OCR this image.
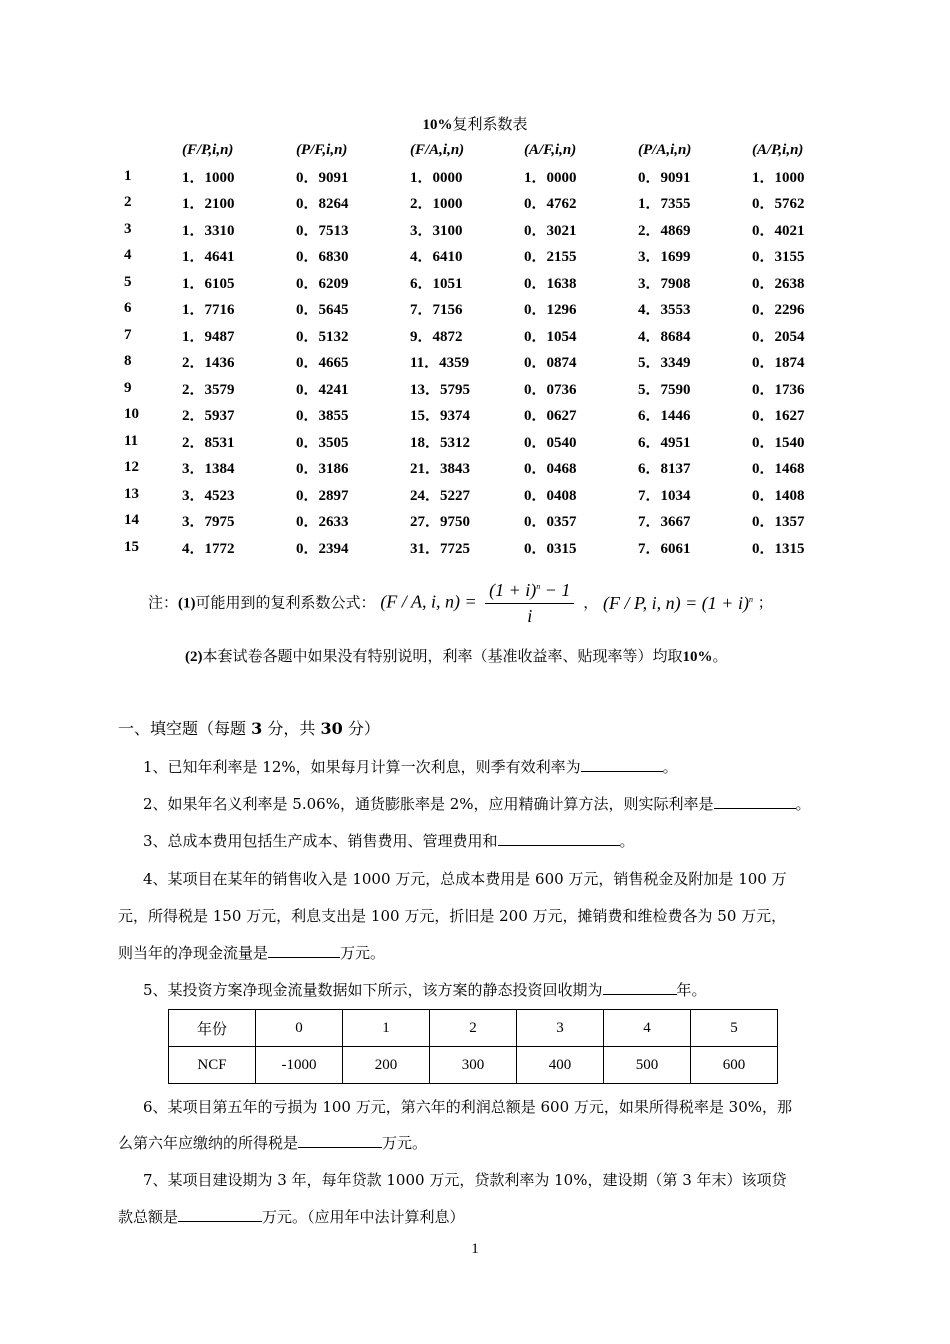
10%复利系数表
	(F/P,i,n)	(P/F,i,n)	(F/A,i,n)	(A/F,i,n)	(P/A,i,n)	(A/P,i,n)
1	1．1000	0．9091	1．0000	1．0000	0．9091	1．1000
2	1．2100	0．8264	2．1000	0．4762	1．7355	0．5762
3	1．3310	0．7513	3．3100	0．3021	2．4869	0．4021
4	1．4641	0．6830	4．6410	0．2155	3．1699	0．3155
5	1．6105	0．6209	6．1051	0．1638	3．7908	0．2638
6	1．7716	0．5645	7．7156	0．1296	4．3553	0．2296
7	1．9487	0．5132	9．4872	0．1054	4．8684	0．2054
8	2．1436	0．4665	11．4359	0．0874	5．3349	0．1874
9	2．3579	0．4241	13．5795	0．0736	5．7590	0．1736
10	2．5937	0．3855	15．9374	0．0627	6．1446	0．1627
11	2．8531	0．3505	18．5312	0．0540	6．4951	0．1540
12	3．1384	0．3186	21．3843	0．0468	6．8137	0．1468
13	3．4523	0．2897	24．5227	0．0408	7．1034	0．1408
14	3．7975	0．2633	27．9750	0．0357	7．3667	0．1357
15	4．1772	0．2394	31．7725	0．0315	7．6061	0．1315
注：(1)可能用到的复利系数公式： (F / A, i, $n) = \frac{(1 + i)^n - 1}{i}$ ， (F / P, i, $n) = (1 + i)^n$ ；
(2)本套试卷各题中如果没有特别说明，利率（基准收益率、贴现率等）均取10%。
一、填空题（每题 3 分，共 30 分）
1、已知年利率是 12%，如果每月计算一次利息，则季有效利率为	。
2、如果年名义利率是 5.06%，通货膨胀率是 2%，应用精确计算方法，则实际利率是	。
3、总成本费用包括生产成本、销售费用、管理费用和	。
4、某项目在某年的销售收入是 1000 万元，总成本费用是 600 万元，销售税金及附加是 100 万
元，所得税是 150 万元，利息支出是 100 万元，折旧是 200 万元，摊销费和维检费各为 50 万元，
则当年的净现金流量是	万元。
5、某投资方案净现金流量数据如下所示，该方案的静态投资回收期为	年。
年份	0	1	2	3	4	5
NCF	-1000	200	300	400	500	600
6、某项目第五年的亏损为 100 万元，第六年的利润总额是 600 万元，如果所得税率是 30%，那
么第六年应缴纳的所得税是	万元。
7、某项目建设期为 3 年，每年贷款 1000 万元，贷款利率为 10%，建设期（第 3 年末）该项贷
款总额是	万元。（应用年中法计算利息）
1
